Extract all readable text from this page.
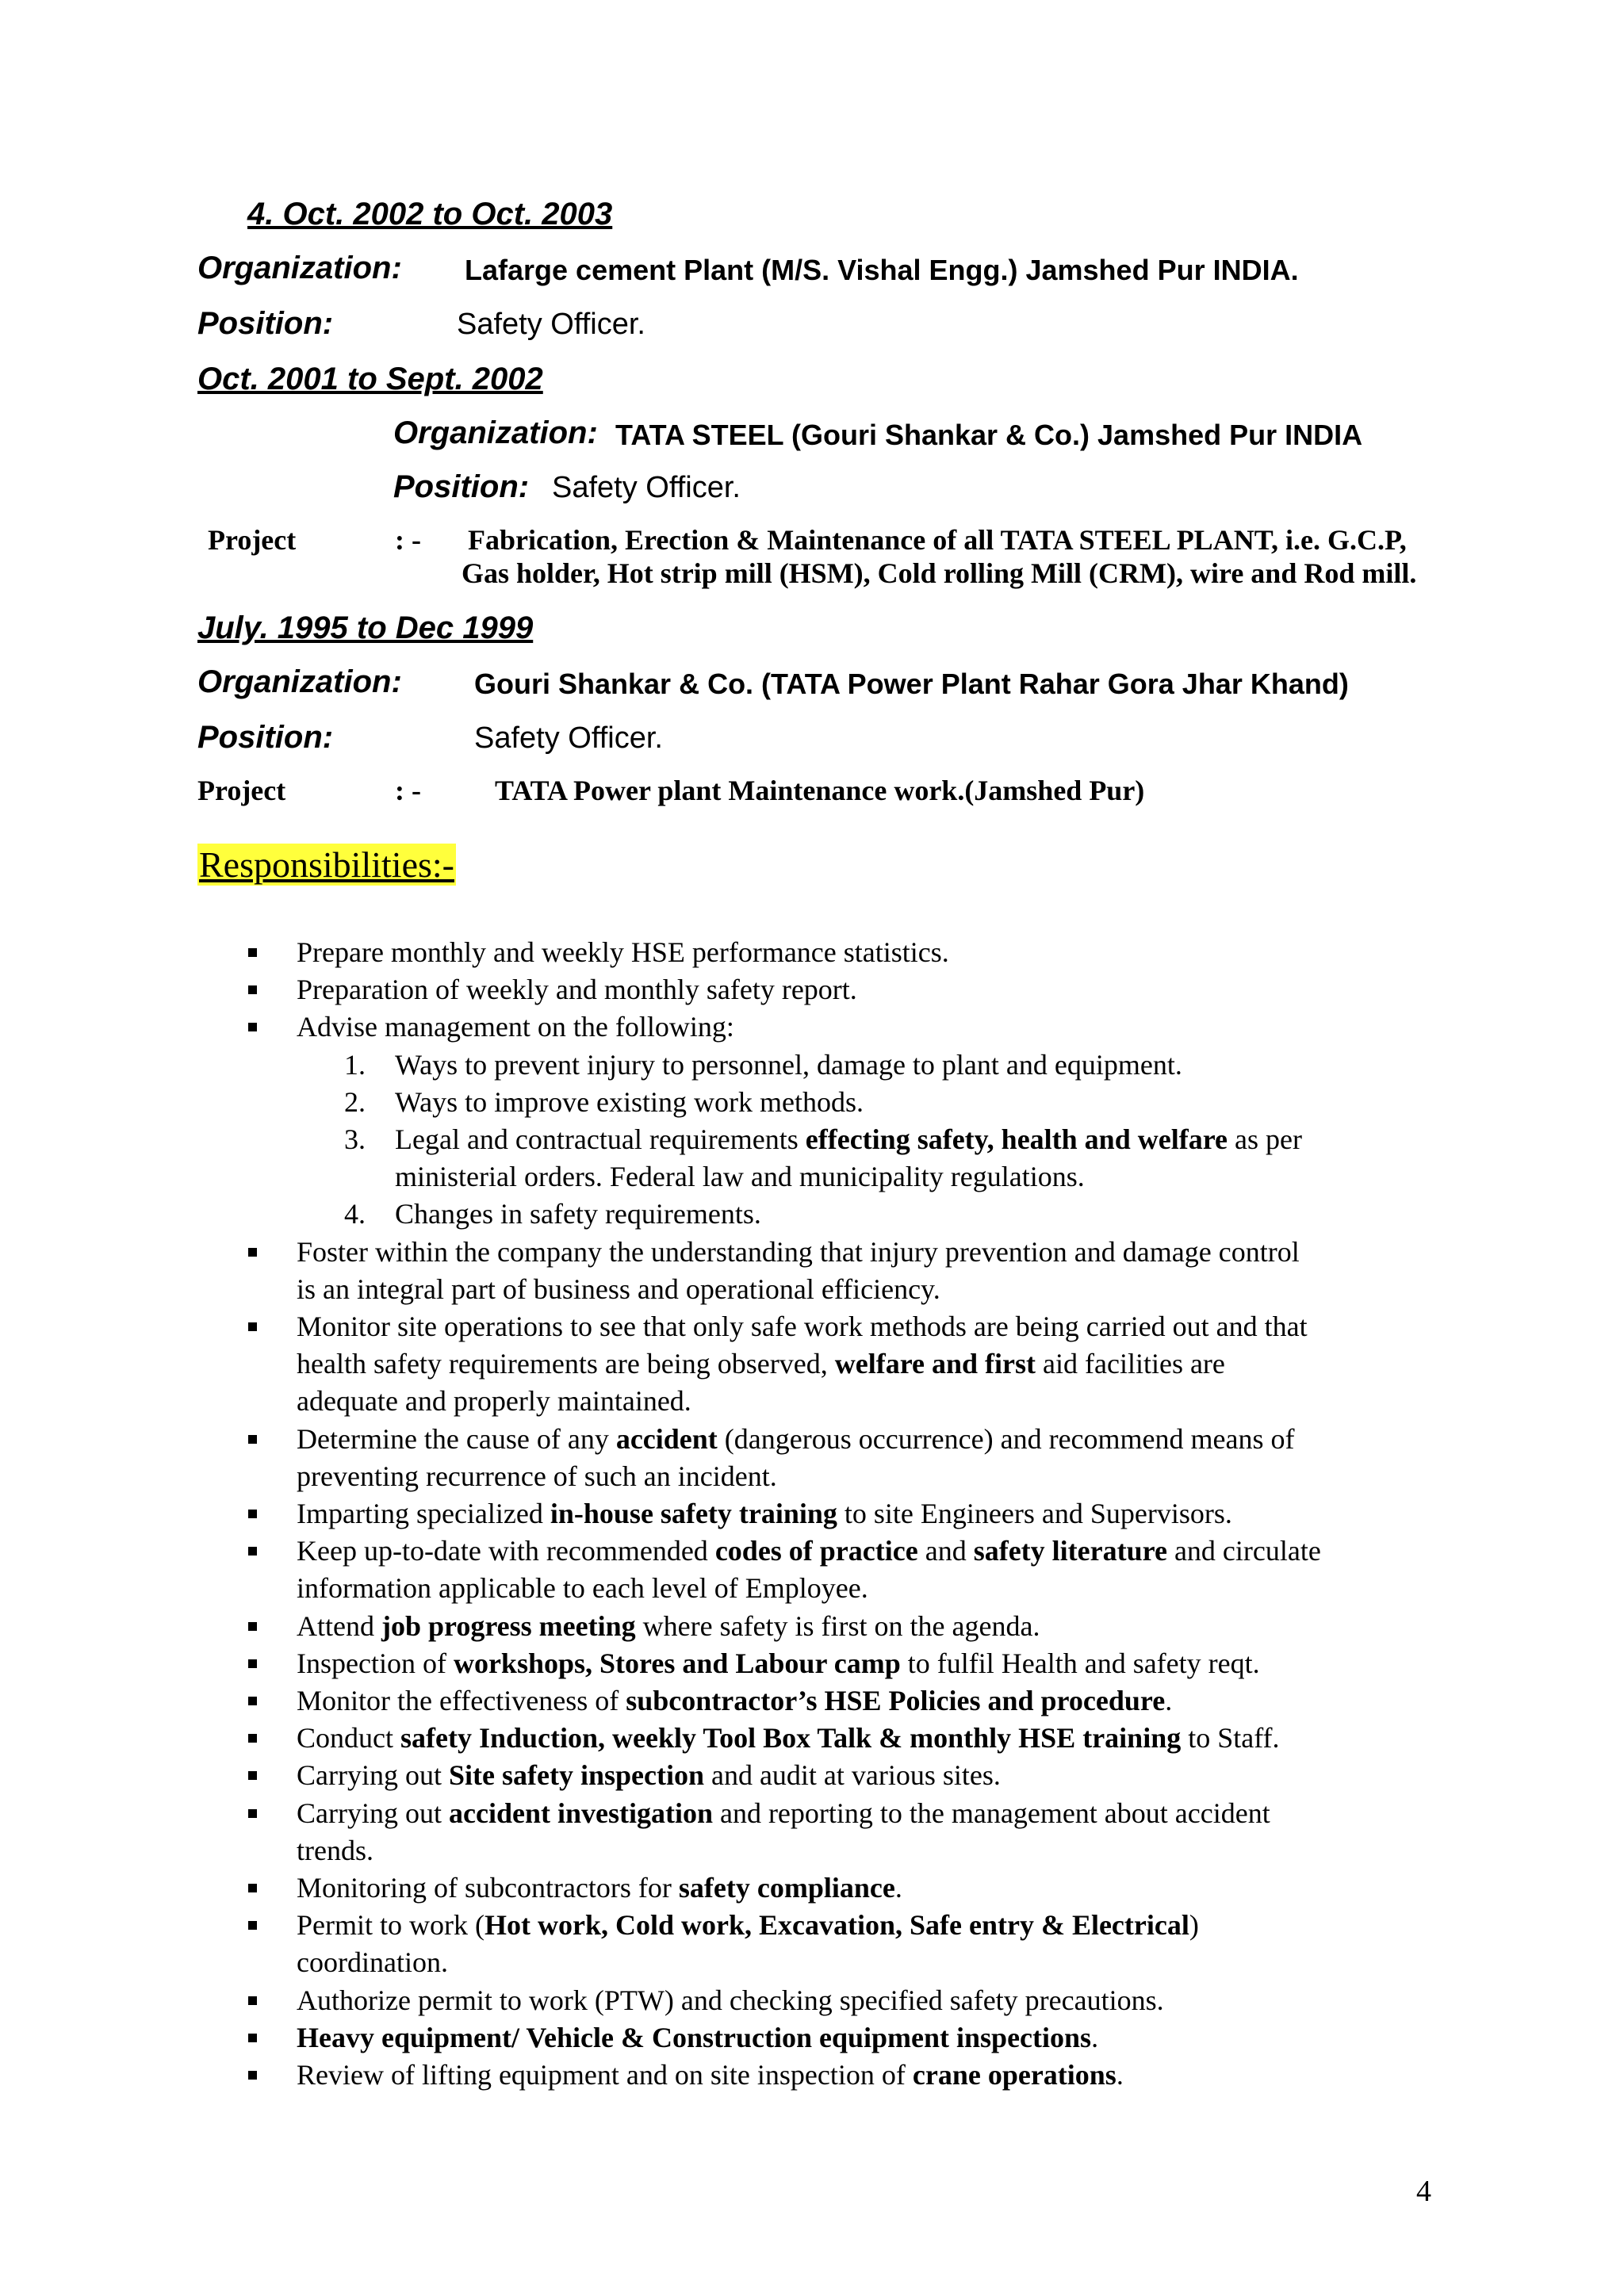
4. Oct. 2002 to Oct. 2003
Organization: Lafarge cement Plant (M/S. Vishal Engg.) Jamshed Pur INDIA.
Position:	Safety Officer.
Oct. 2001 to Sept. 2002
Organization: TATA STEEL (Gouri Shankar & Co.) Jamshed Pur INDIA
Position: Safety Officer.
Project	: - Fabrication, Erection & Maintenance of all TATA STEEL PLANT, i.e. G.C.P,
Gas holder, Hot strip mill (HSM), Cold rolling Mill (CRM), wire and Rod mill.
July. 1995 to Dec 1999
Organization:	Gouri Shankar & Co. (TATA Power Plant Rahar Gora Jhar Khand)
Position:	Safety Officer.
Project	: -	TATA Power plant Maintenance work.(Jamshed Pur)
Responsibilities:-
Prepare monthly and weekly HSE performance statistics.
Preparation of weekly and monthly safety report.
Advise management on the following:
1. Ways to prevent injury to personnel, damage to plant and equipment.
2. Ways to improve existing work methods.
3. Legal and contractual requirements effecting safety, health and welfare as per
ministerial orders. Federal law and municipality regulations.
4. Changes in safety requirements.
Foster within the company the understanding that injury prevention and damage control
is an integral part of business and operational efficiency.
Monitor site operations to see that only safe work methods are being carried out and that
health safety requirements are being observed, welfare and first aid facilities are
adequate and properly maintained.
Determine the cause of any accident (dangerous occurrence) and recommend means of
preventing recurrence of such an incident.
Imparting specialized in-house safety training to site Engineers and Supervisors.
Keep up-to-date with recommended codes of practice and safety literature and circulate
information applicable to each level of Employee.
Attend job progress meeting where safety is first on the agenda.
Inspection of workshops, Stores and Labour camp to fulfil Health and safety reqt.
Monitor the effectiveness of subcontractor’s HSE Policies and procedure.
Conduct safety Induction, weekly Tool Box Talk & monthly HSE training to Staff.
Carrying out Site safety inspection and audit at various sites.
Carrying out accident investigation and reporting to the management about accident
trends.
Monitoring of subcontractors for safety compliance.
Permit to work (Hot work, Cold work, Excavation, Safe entry & Electrical)
coordination.
Authorize permit to work (PTW) and checking specified safety precautions.
Heavy equipment/ Vehicle & Construction equipment inspections.
Review of lifting equipment and on site inspection of crane operations.
4
